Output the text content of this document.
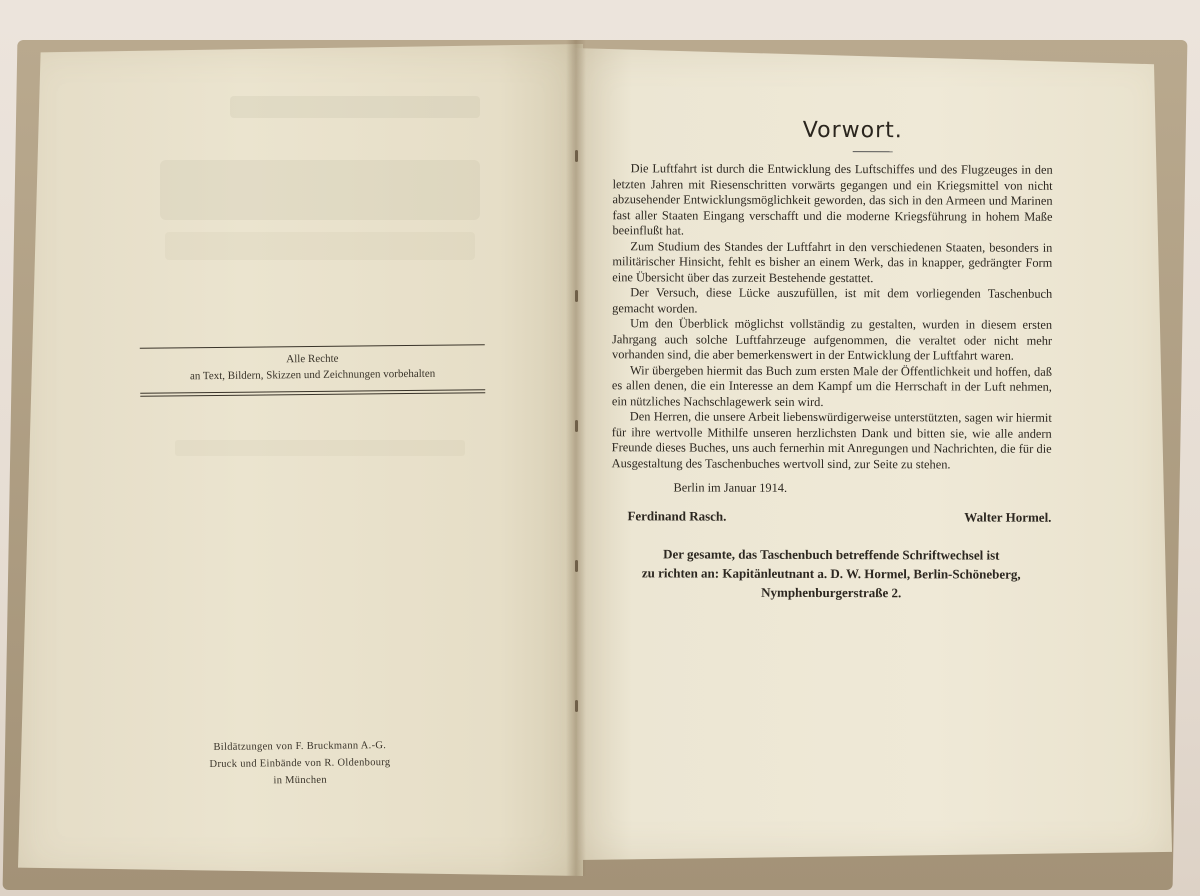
Alle Rechte
an Text, Bildern, Skizzen und Zeichnungen vorbehalten
Bildätzungen von F. Bruckmann A.-G.
Druck und Einbände von R. Oldenbourg
in München
Vorwort.

Die Luftfahrt ist durch die Entwicklung des Luftschiffes und des Flugzeuges in den letzten Jahren mit Riesenschritten vorwärts gegangen und ein Kriegsmittel von nicht abzusehender Entwicklungsmöglichkeit geworden, das sich in den Armeen und Marinen fast aller Staaten Eingang verschafft und die moderne Kriegsführung in hohem Maße beeinflußt hat.

Zum Studium des Standes der Luftfahrt in den verschiedenen Staaten, besonders in militärischer Hinsicht, fehlt es bisher an einem Werk, das in knapper, gedrängter Form eine Übersicht über das zurzeit Bestehende gestattet.

Der Versuch, diese Lücke auszufüllen, ist mit dem vorliegenden Taschenbuch gemacht worden.

Um den Überblick möglichst vollständig zu gestalten, wurden in diesem ersten Jahrgang auch solche Luftfahrzeuge aufgenommen, die veraltet oder nicht mehr vorhanden sind, die aber bemerkenswert in der Entwicklung der Luftfahrt waren.

Wir übergeben hiermit das Buch zum ersten Male der Öffentlichkeit und hoffen, daß es allen denen, die ein Interesse an dem Kampf um die Herrschaft in der Luft nehmen, ein nützliches Nachschlagewerk sein wird.

Den Herren, die unsere Arbeit liebenswürdigerweise unterstützten, sagen wir hiermit für ihre wertvolle Mithilfe unseren herzlichsten Dank und bitten sie, wie alle andern Freunde dieses Buches, uns auch fernerhin mit Anregungen und Nachrichten, die für die Ausgestaltung des Taschenbuches wertvoll sind, zur Seite zu stehen.

Berlin im Januar 1914.
Ferdinand Rasch.	Walter Hormel.
Der gesamte, das Taschenbuch betreffende Schriftwechsel ist
zu richten an: Kapitänleutnant a. D. W. Hormel, Berlin-Schöneberg,
Nymphenburgerstraße 2.
